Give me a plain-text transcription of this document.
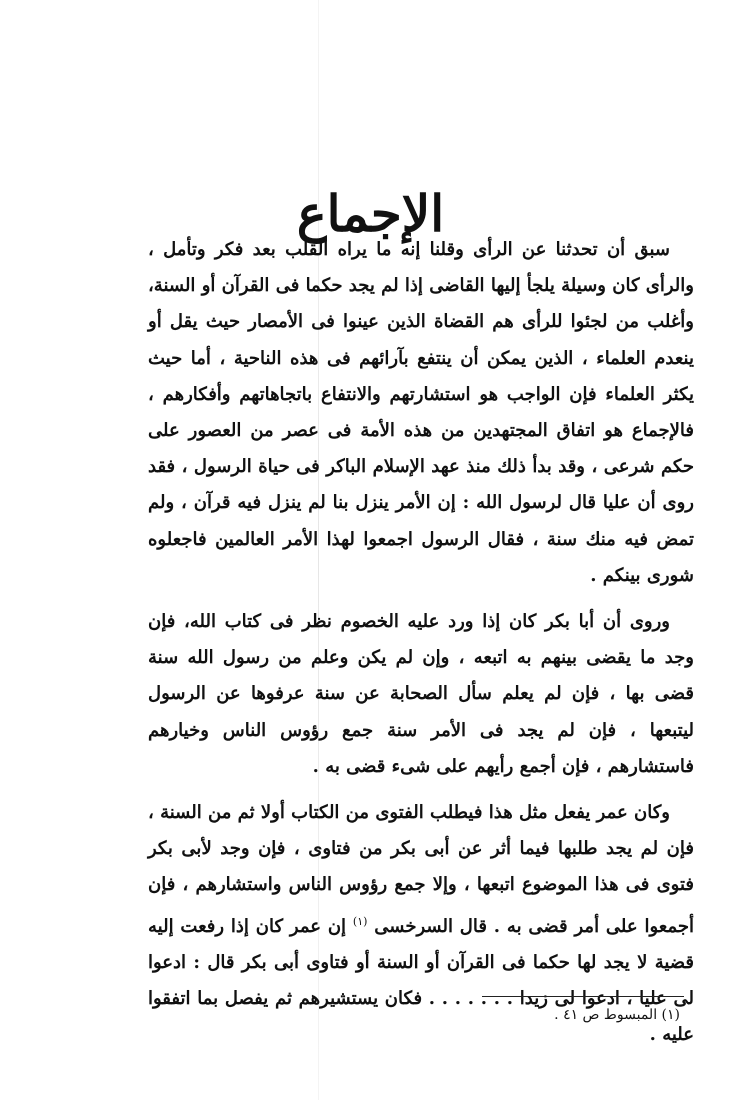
الإجماع

سبق أن تحدثنا عن الرأى وقلنا إنه ما يراه القلب بعد فكر وتأمل ، والرأى كان وسيلة يلجأ إليها القاضى إذا لم يجد حكما فى القرآن أو السنة، وأغلب من لجئوا للرأى هم القضاة الذين عينوا فى الأمصار حيث يقل أو ينعدم العلماء ، الذين يمكن أن ينتفع بآرائهم فى هذه الناحية ، أما حيث يكثر العلماء فإن الواجب هو استشارتهم والانتفاع باتجاهاتهم وأفكارهم ، فالإجماع هو اتفاق المجتهدين من هذه الأمة فى عصر من العصور على حكم شرعى ، وقد بدأ ذلك منذ عهد الإسلام الباكر فى حياة الرسول ، فقد روى أن عليا قال لرسول الله : إن الأمر ينزل بنا لم ينزل فيه قرآن ، ولم تمض فيه منك سنة ، فقال الرسول اجمعوا لهذا الأمر العالمين فاجعلوه شورى بينكم .

وروى أن أبا بكر كان إذا ورد عليه الخصوم نظر فى كتاب الله، فإن وجد ما يقضى بينهم به اتبعه ، وإن لم يكن وعلم من رسول الله سنة قضى بها ، فإن لم يعلم سأل الصحابة عن سنة عرفوها عن الرسول ليتبعها ، فإن لم يجد فى الأمر سنة جمع رؤوس الناس وخيارهم فاستشارهم ، فإن أجمع رأيهم على شىء قضى به .

وكان عمر يفعل مثل هذا فيطلب الفتوى من الكتاب أولا ثم من السنة ، فإن لم يجد طلبها فيما أثر عن أبى بكر من فتاوى ، فإن وجد لأبى بكر فتوى فى هذا الموضوع اتبعها ، وإلا جمع رؤوس الناس واستشارهم ، فإن أجمعوا على أمر قضى به . قال السرخسى $^{(١)}$ إن عمر كان إذا رفعت إليه قضية لا يجد لها حكما فى القرآن أو السنة أو فتاوى أبى بكر قال : ادعوا لى عليا ، ادعوا لى زيدا . . . . . . . فكان يستشيرهم ثم يفصل بما اتفقوا عليه .

(١) المبسوط ص ٤١ .
